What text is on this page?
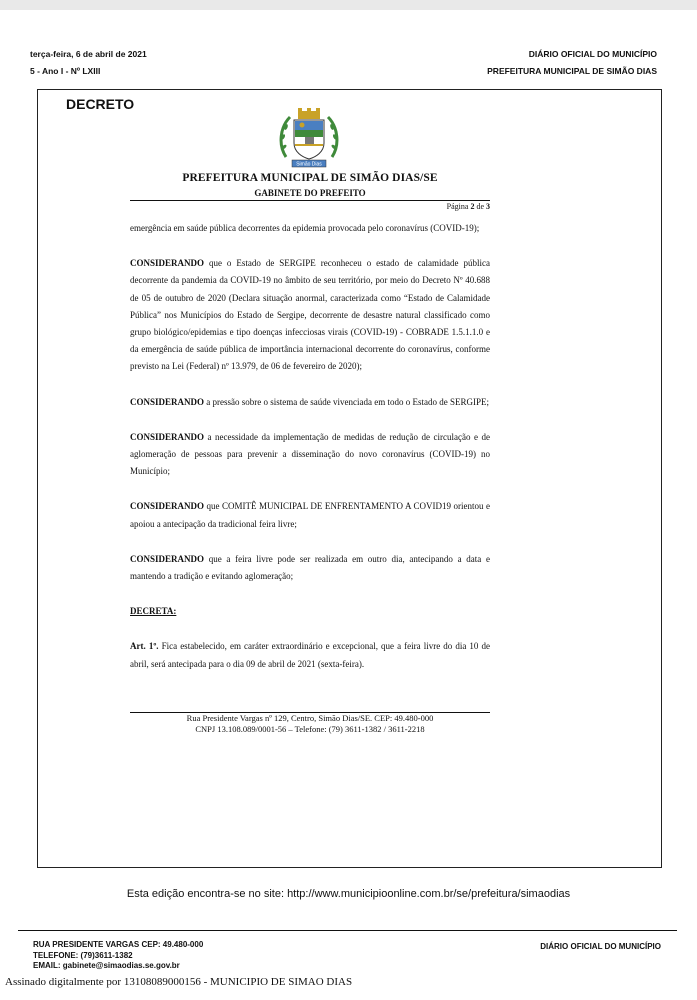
terça-feira, 6 de abril de 2021
5 - Ano I - Nº LXIII
DIÁRIO OFICIAL DO MUNICÍPIO
PREFEITURA MUNICIPAL DE SIMÃO DIAS
DECRETO
Simão Dias
PREFEITURA MUNICIPAL DE SIMÃO DIAS/SE
GABINETE DO PREFEITO
Página 2 de 3

emergência em saúde pública decorrentes da epidemia provocada pelo coronavírus (COVID-19);

CONSIDERANDO que o Estado de SERGIPE reconheceu o estado de calamidade pública decorrente da pandemia da COVID-19 no âmbito de seu território, por meio do Decreto Nº 40.688 de 05 de outubro de 2020 (Declara situação anormal, caracterizada como “Estado de Calamidade Pública” nos Municípios do Estado de Sergipe, decorrente de desastre natural classificado como grupo biológico/epidemias e tipo doenças infecciosas virais (COVID-19) - COBRADE 1.5.1.1.0 e da emergência de saúde pública de importância internacional decorrente do coronavírus, conforme previsto na Lei (Federal) nº 13.979, de 06 de fevereiro de 2020);

CONSIDERANDO a pressão sobre o sistema de saúde vivenciada em todo o Estado de SERGIPE;

CONSIDERANDO a necessidade da implementação de medidas de redução de circulação e de aglomeração de pessoas para prevenir a disseminação do novo coronavírus (COVID-19) no Município;

CONSIDERANDO que COMITÊ MUNICIPAL DE ENFRENTAMENTO A COVID19 orientou e apoiou a antecipação da tradicional feira livre;

CONSIDERANDO que a feira livre pode ser realizada em outro dia, antecipando a data e mantendo a tradição e evitando aglomeração;

DECRETA:

Art. 1º. Fica estabelecido, em caráter extraordinário e excepcional, que a feira livre do dia 10 de abril, será antecipada para o dia 09 de abril de 2021 (sexta-feira).

Rua Presidente Vargas nº 129, Centro, Simão Dias/SE. CEP: 49.480-000
CNPJ 13.108.089/0001-56 – Telefone: (79) 3611-1382 / 3611-2218
Esta edição encontra-se no site: http://www.municipioonline.com.br/se/prefeitura/simaodias
RUA PRESIDENTE VARGAS CEP: 49.480-000
TELEFONE: (79)3611-1382
EMAIL: gabinete@simaodias.se.gov.br
DIÁRIO OFICIAL DO MUNICÍPIO
Assinado digitalmente por 13108089000156 - MUNICIPIO DE SIMAO DIAS
